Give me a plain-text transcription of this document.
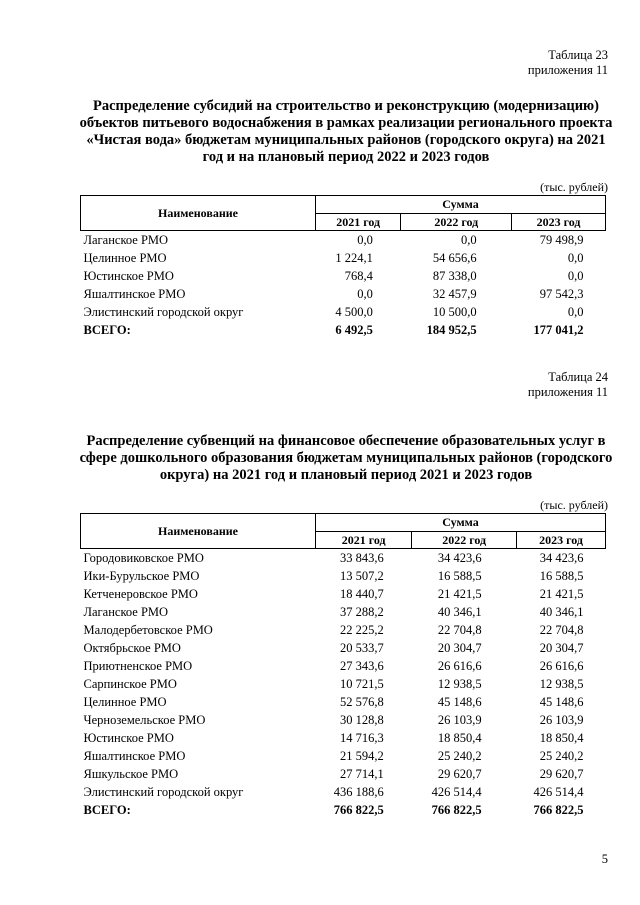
Таблица 23
приложения 11
Распределение субсидий на строительство и реконструкцию (модернизацию) объектов питьевого водоснабжения в рамках реализации регионального проекта «Чистая вода» бюджетам муниципальных районов (городского округа) на 2021 год и на плановый период 2022 и 2023 годов
(тыс. рублей)
Наименование	Сумма		
	2021 год	2022 год	2023 год
Лаганское РМО	0,0	0,0	79 498,9
Целинное РМО	1 224,1	54 656,6	0,0
Юстинское РМО	768,4	87 338,0	0,0
Яшалтинское РМО	0,0	32 457,9	97 542,3
Элистинский городской округ	4 500,0	10 500,0	0,0
ВСЕГО:	6 492,5	184 952,5	177 041,2
Таблица 24
приложения 11
Распределение субвенций на финансовое обеспечение образовательных услуг в сфере дошкольного образования бюджетам муниципальных районов (городского округа) на 2021 год и плановый период 2021 и 2023 годов
(тыс. рублей)
Наименование	Сумма		
	2021 год	2022 год	2023 год
Городовиковское РМО	33 843,6	34 423,6	34 423,6
Ики-Бурульское РМО	13 507,2	16 588,5	16 588,5
Кетченеровское РМО	18 440,7	21 421,5	21 421,5
Лаганское РМО	37 288,2	40 346,1	40 346,1
Малодербетовское РМО	22 225,2	22 704,8	22 704,8
Октябрьское РМО	20 533,7	20 304,7	20 304,7
Приютненское РМО	27 343,6	26 616,6	26 616,6
Сарпинское РМО	10 721,5	12 938,5	12 938,5
Целинное РМО	52 576,8	45 148,6	45 148,6
Черноземельское РМО	30 128,8	26 103,9	26 103,9
Юстинское РМО	14 716,3	18 850,4	18 850,4
Яшалтинское РМО	21 594,2	25 240,2	25 240,2
Яшкульское РМО	27 714,1	29 620,7	29 620,7
Элистинский городской округ	436 188,6	426 514,4	426 514,4
ВСЕГО:	766 822,5	766 822,5	766 822,5
5
